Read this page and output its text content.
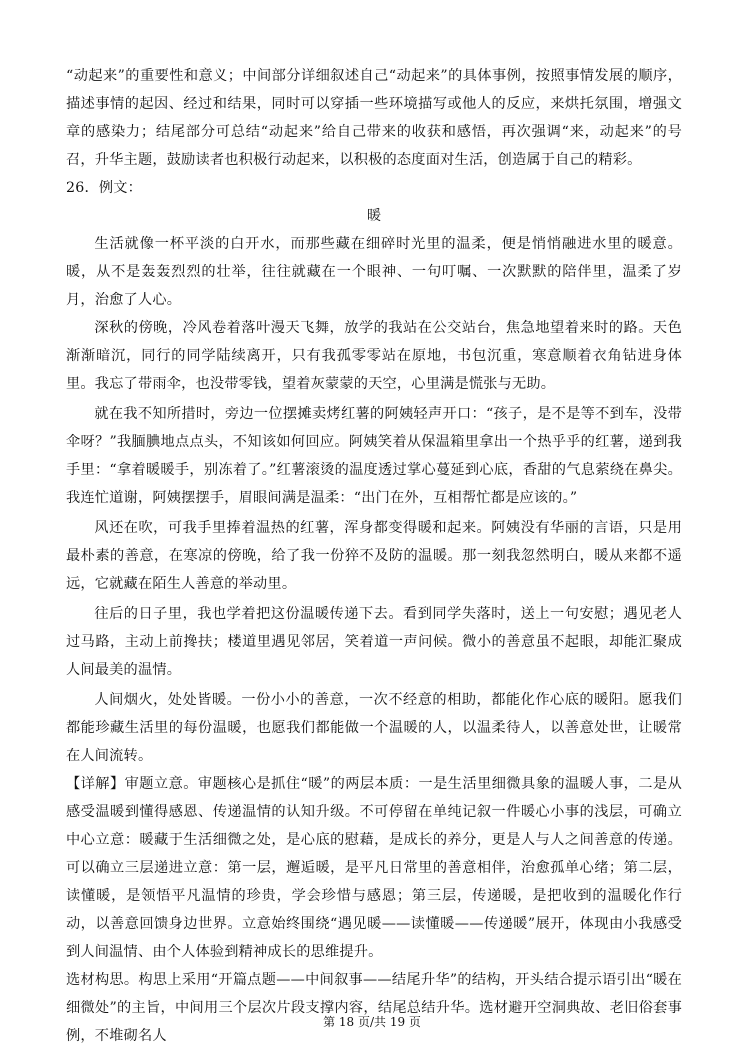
“动起来”的重要性和意义；中间部分详细叙述自己“动起来”的具体事例，按照事情发展的顺序，描述事情的起因、经过和结果，同时可以穿插一些环境描写或他人的反应，来烘托氛围，增强文章的感染力；结尾部分可总结“动起来”给自己带来的收获和感悟，再次强调“来，动起来”的号召，升华主题，鼓励读者也积极行动起来，以积极的态度面对生活，创造属于自己的精彩。

26．例文：

暖

生活就像一杯平淡的白开水，而那些藏在细碎时光里的温柔，便是悄悄融进水里的暖意。暖，从不是轰轰烈烈的壮举，往往就藏在一个眼神、一句叮嘱、一次默默的陪伴里，温柔了岁月，治愈了人心。

深秋的傍晚，冷风卷着落叶漫天飞舞，放学的我站在公交站台，焦急地望着来时的路。天色渐渐暗沉，同行的同学陆续离开，只有我孤零零站在原地，书包沉重，寒意顺着衣角钻进身体里。我忘了带雨伞，也没带零钱，望着灰蒙蒙的天空，心里满是慌张与无助。

就在我不知所措时，旁边一位摆摊卖烤红薯的阿姨轻声开口：“孩子，是不是等不到车，没带伞呀？”我腼腆地点点头，不知该如何回应。阿姨笑着从保温箱里拿出一个热乎乎的红薯，递到我手里：“拿着暖暖手，别冻着了。”红薯滚烫的温度透过掌心蔓延到心底，香甜的气息萦绕在鼻尖。我连忙道谢，阿姨摆摆手，眉眼间满是温柔：“出门在外，互相帮忙都是应该的。”

风还在吹，可我手里捧着温热的红薯，浑身都变得暖和起来。阿姨没有华丽的言语，只是用最朴素的善意，在寒凉的傍晚，给了我一份猝不及防的温暖。那一刻我忽然明白，暖从来都不遥远，它就藏在陌生人善意的举动里。

往后的日子里，我也学着把这份温暖传递下去。看到同学失落时，送上一句安慰；遇见老人过马路，主动上前搀扶；楼道里遇见邻居，笑着道一声问候。微小的善意虽不起眼，却能汇聚成人间最美的温情。

人间烟火，处处皆暖。一份小小的善意，一次不经意的相助，都能化作心底的暖阳。愿我们都能珍藏生活里的每份温暖，也愿我们都能做一个温暖的人，以温柔待人，以善意处世，让暖常在人间流转。

【详解】审题立意。审题核心是抓住“暖”的两层本质：一是生活里细微具象的温暖人事，二是从感受温暖到懂得感恩、传递温情的认知升级。不可停留在单纯记叙一件暖心小事的浅层，可确立中心立意：暖藏于生活细微之处，是心底的慰藉，是成长的养分，更是人与人之间善意的传递。可以确立三层递进立意：第一层，邂逅暖，是平凡日常里的善意相伴，治愈孤单心绪；第二层，读懂暖，是领悟平凡温情的珍贵，学会珍惜与感恩；第三层，传递暖，是把收到的温暖化作行动，以善意回馈身边世界。立意始终围绕“遇见暖——读懂暖——传递暖”展开，体现由小我感受到人间温情、由个人体验到精神成长的思维提升。

选材构思。构思上采用“开篇点题——中间叙事——结尾升华”的结构，开头结合提示语引出“暖在细微处”的主旨，中间用三个层次片段支撑内容，结尾总结升华。选材避开空洞典故、老旧俗套事例，不堆砌名人

第 18 页/共 19 页
